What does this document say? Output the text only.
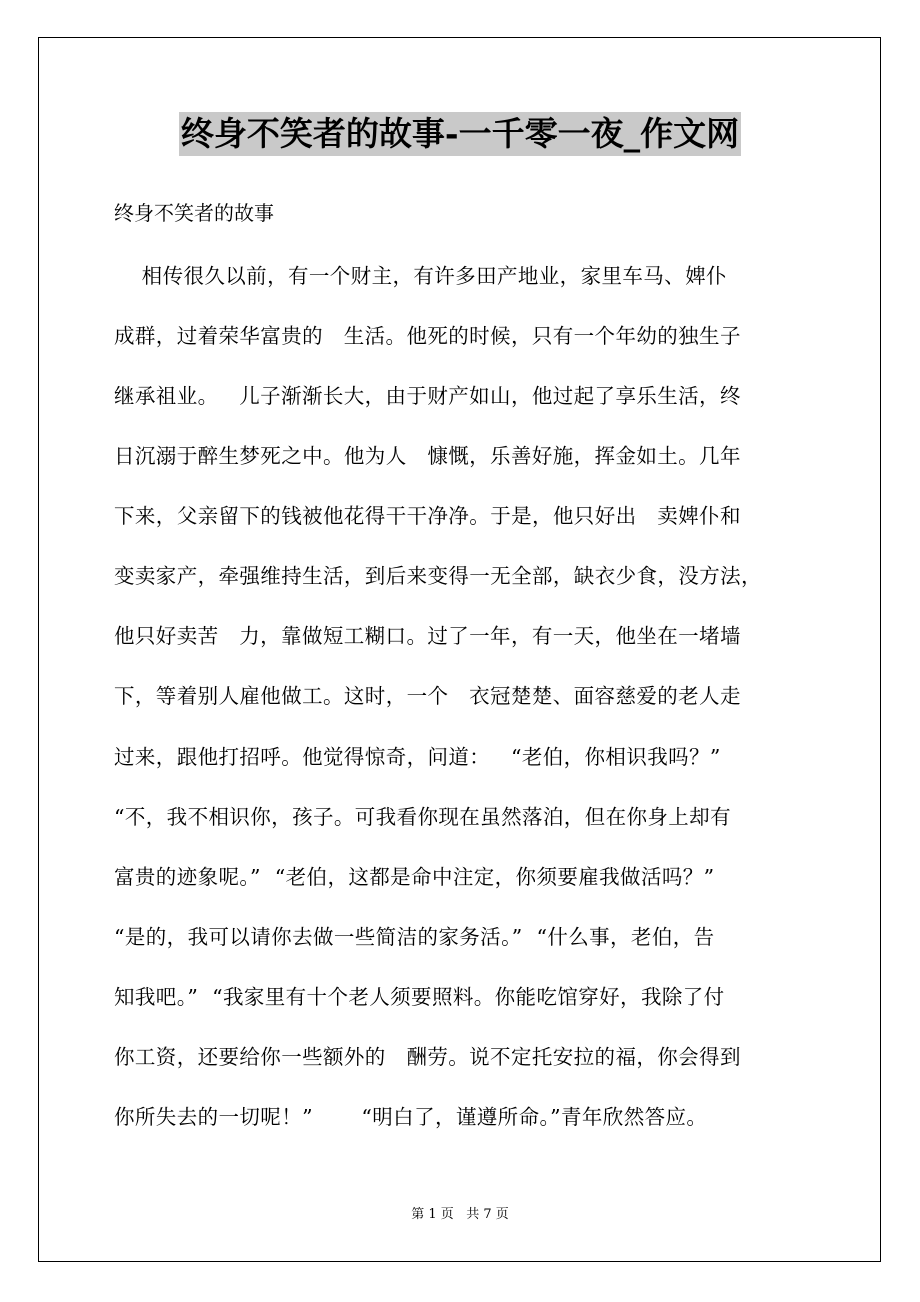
终身不笑者的故事-一千零一夜_作文网
终身不笑者的故事
相传很久以前，有一个财主，有许多田产地业，家里车马、婢仆
成群，过着荣华富贵的   生活。他死的时候，只有一个年幼的独生子
继承祖业。   儿子渐渐长大，由于财产如山，他过起了享乐生活，终
日沉溺于醉生梦死之中。他为人   慷慨，乐善好施，挥金如土。几年
下来，父亲留下的钱被他花得干干净净。于是，他只好出   卖婢仆和
变卖家产，牵强维持生活，到后来变得一无全部，缺衣少食，没方法，
他只好卖苦   力，靠做短工糊口。过了一年，有一天，他坐在一堵墙
下，等着别人雇他做工。这时，一个   衣冠楚楚、面容慈爱的老人走
过来，跟他打招呼。他觉得惊奇，问道：   “老伯，你相识我吗？”
“不，我不相识你，孩子。可我看你现在虽然落泊，但在你身上却有
富贵的迹象呢。”  “老伯，这都是命中注定，你须要雇我做活吗？”
“是的，我可以请你去做一些简洁的家务活。”  “什么事，老伯，告
知我吧。”  “我家里有十个老人须要照料。你能吃馆穿好，我除了付
你工资，还要给你一些额外的   酬劳。说不定托安拉的福，你会得到
你所失去的一切呢！”       “明白了，谨遵所命。”青年欣然答应。
第 1 页   共 7 页
